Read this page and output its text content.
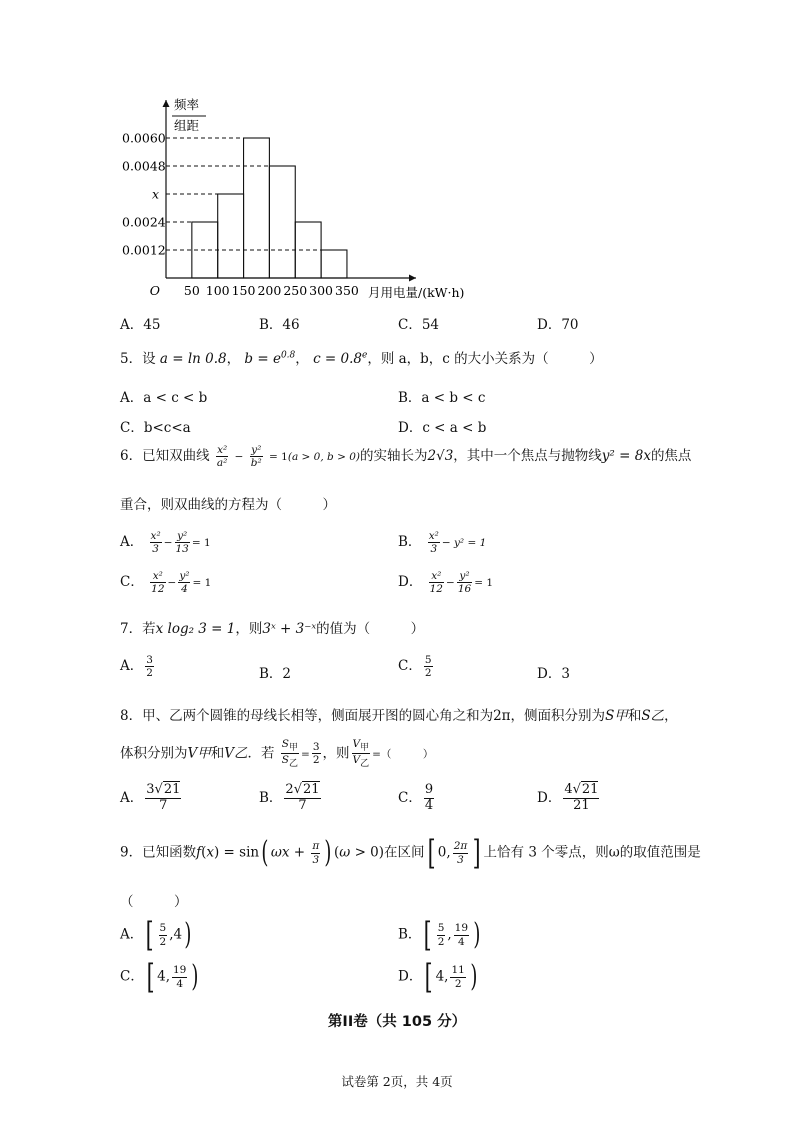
频率
组距
0.0060
0.0048
x
0.0024
0.0012
50 100 150 200 250 300 350
O	月用电量/(kW·h)
A．45	B．46	C．54	D．70
5．设 a = ln 0.8， $b = e^{0.8}$， c = 0.8$^e$，则 a，b，c 的大小关系为（　　　）
A．a < c < b	B．a < b < c
C．b<c<a	D．c < a < b
6．已知双曲线 $\frac{\text{x²}}{\text{a²}} - \frac{\text{y²}}{\text{b²}} = 1(a > 0$, b > 0)的实轴长为2√3，其中一个焦点与抛物线y² = 8x的焦点
重合，则双曲线的方程为（　　　）
A． $\frac{\text{x²}}{3} - \frac{\text{y²}}{13} = 1$	B． $\frac{\text{x²}}{3} - y^2 = 1$
C． $\frac{\text{x²}}{12} - \frac{\text{y²}}{4} = 1$	D． $\frac{\text{x²}}{12} - \frac{\text{y²}}{16} = 1$
7．若x log₂ 3 = 1，则3ˣ + 3⁻ˣ的值为（　　　）
A． $\frac{3}{2}$	B．2	C． $\frac{5}{2}$	D．3
8．甲、乙两个圆锥的母线长相等，侧面展开图的圆心角之和为2π，侧面积分别为S甲和S乙，
体积分别为V甲和V乙．若 $\frac{\text{S甲}}{\text{S乙}} = \frac{3}{2}$ ，则 $\frac{\text{V甲}}{\text{V乙}}$ =（　　　）
A． $\frac{3√21}{7}$	B． $\frac{2√21}{7}$	C． $\frac{9}{4}$	D． $\frac{4√21}{21}$
9．已知函数f(x) = sin( $\omega x + \frac{\pi}{3}$ ) (ω > 0)在区间[ 0, $\frac{2\pi}{3}$ ] 上恰有 3 个零点，则ω的取值范围是
（　　　）
A．[ $\frac{5}{2} ,4$)	B．[ $\frac{5}{2}$ , $\frac{19}{4}$ )
C．[ 4, $\frac{19}{4}$ )	D．[ 4, $\frac{11}{2}$ )
第II卷（共 105 分）
试卷第 2页，共 4页
